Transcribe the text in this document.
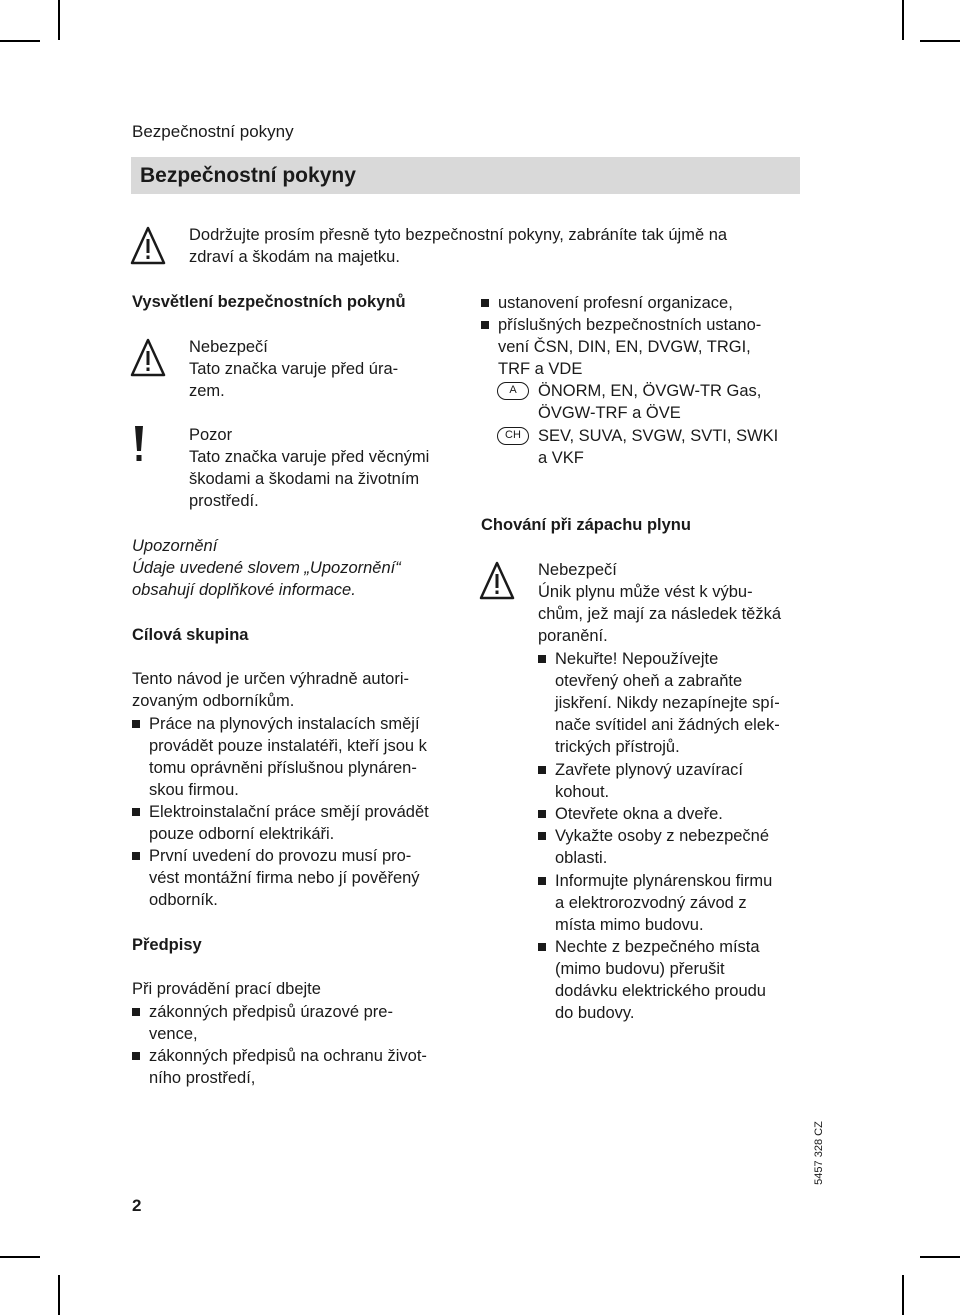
Bezpečnostní pokyny
Bezpečnostní pokyny
Dodržujte prosím přesně tyto bezpečnostní pokyny, zabráníte tak újmě na
zdraví a škodám na majetku.
Vysvětlení bezpečnostních pokynů
Nebezpečí
Tato značka varuje před úra-
zem.
Pozor
Tato značka varuje před věcnými
škodami a škodami na životním
prostředí.
Upozornění
Údaje uvedené slovem „Upozornění“
obsahují doplňkové informace.
Cílová skupina
Tento návod je určen výhradně autori-
zovaným odborníkům.
Práce na plynových instalacích smějí
provádět pouze instalatéři, kteří jsou k
tomu oprávněni příslušnou plynáren-
skou firmou.
Elektroinstalační práce smějí provádět
pouze odborní elektrikáři.
První uvedení do provozu musí pro-
vést montážní firma nebo jí pověřený
odborník.
Předpisy
Při provádění prací dbejte
zákonných předpisů úrazové pre-
vence,
zákonných předpisů na ochranu život-
ního prostředí,
ustanovení profesní organizace,
příslušných bezpečnostních ustano-
vení ČSN, DIN, EN, DVGW, TRGI,
TRF a VDE
A	ÖNORM, EN, ÖVGW-TR Gas,
ÖVGW-TRF a ÖVE
CH	SEV, SUVA, SVGW, SVTI, SWKI
a VKF
Chování při zápachu plynu
Nebezpečí
Únik plynu může vést k výbu-
chům, jež mají za následek těžká
poranění.
Nekuřte! Nepoužívejte
otevřený oheň a zabraňte
jiskření. Nikdy nezapínejte spí-
nače svítidel ani žádných elek-
trických přístrojů.
Zavřete plynový uzavírací
kohout.
Otevřete okna a dveře.
Vykažte osoby z nebezpečné
oblasti.
Informujte plynárenskou firmu
a elektrorozvodný závod z
místa mimo budovu.
Nechte z bezpečného místa
(mimo budovu) přerušit
dodávku elektrického proudu
do budovy.
2
5457 328 CZ
